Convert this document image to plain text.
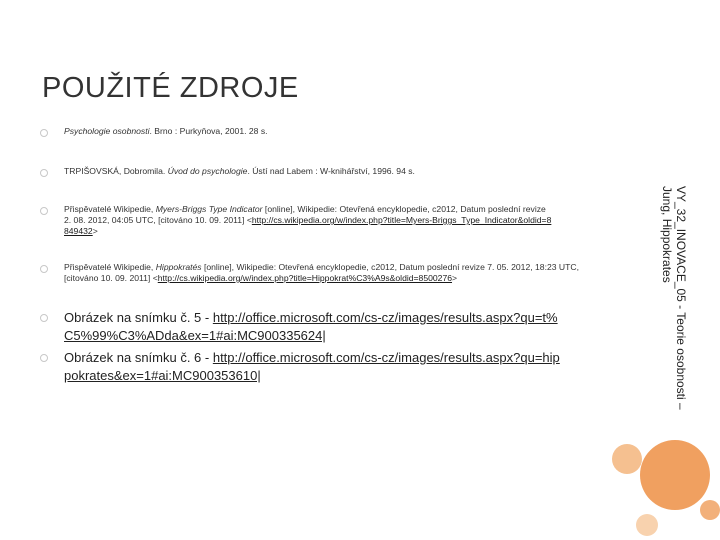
POUŽITÉ ZDROJE
Psychologie osobnosti. Brno : Purkyňova, 2001. 28 s.
TRPIŠOVSKÁ, Dobromila. Úvod do psychologie. Ústí nad Labem : W-knihářství, 1996. 94 s.
Přispěvatelé Wikipedie, Myers-Briggs Type Indicator [online], Wikipedie: Otevřená encyklopedie, c2012, Datum poslední revize 2. 08. 2012, 04:05 UTC, [citováno 10. 09. 2011] <http://cs.wikipedia.org/w/index.php?title=Myers-Briggs_Type_Indicator&oldid=8849432>
Přispěvatelé Wikipedie, Hippokratés [online], Wikipedie: Otevřená encyklopedie, c2012, Datum poslední revize 7. 05. 2012, 18:23 UTC, [citováno 10. 09. 2011] <http://cs.wikipedia.org/w/index.php?title=Hippokrat%C3%A9s&oldid=8500276>
Obrázek na snímku č. 5 - http://office.microsoft.com/cs-cz/images/results.aspx?qu=t%C5%99%C3%ADda&ex=1#ai:MC900335624|
Obrázek na snímku č. 6 - http://office.microsoft.com/cs-cz/images/results.aspx?qu=hippokrates&ex=1#ai:MC900353610|	VY_32_INOVACE_05 - Teorie osobnosti – Jung, Hippokrates
